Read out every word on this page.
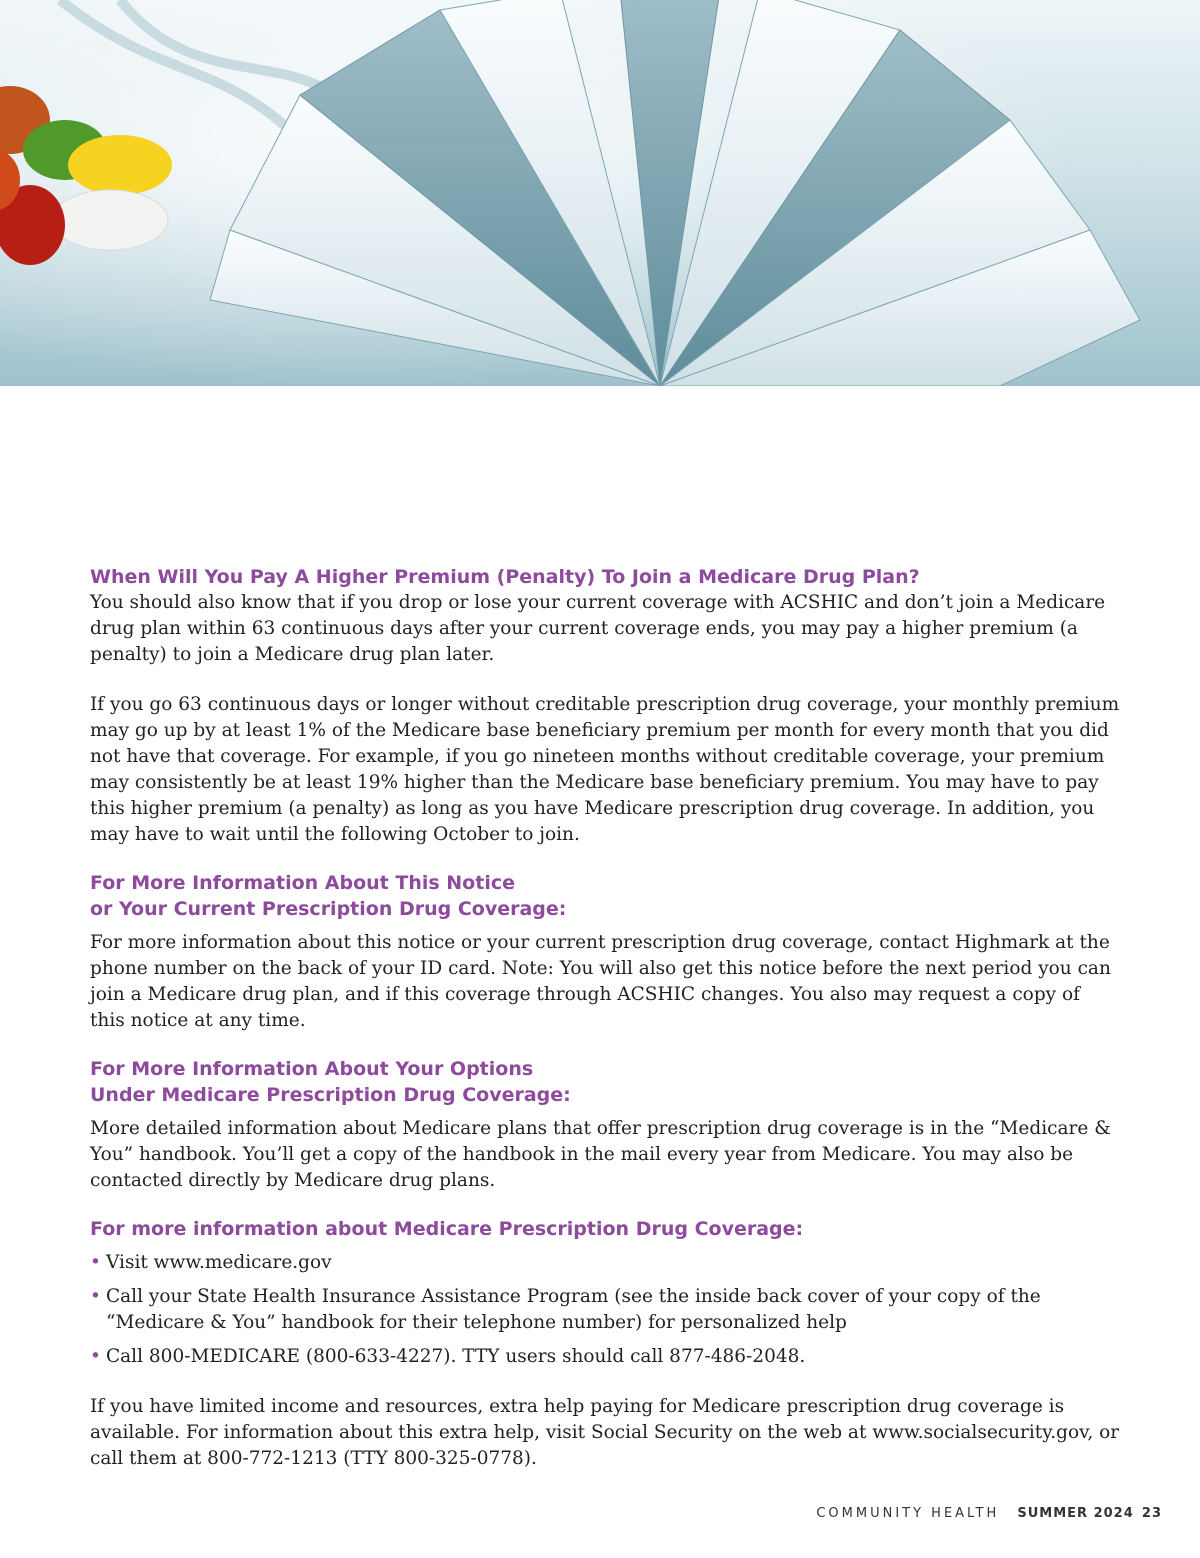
When Will You Pay A Higher Premium (Penalty) To Join a Medicare Drug Plan?

You should also know that if you drop or lose your current coverage with ACSHIC and don’t join a Medicare drug plan within 63 continuous days after your current coverage ends, you may pay a higher premium (a penalty) to join a Medicare drug plan later.

If you go 63 continuous days or longer without creditable prescription drug coverage, your monthly premium may go up by at least 1% of the Medicare base beneficiary premium per month for every month that you did not have that coverage. For example, if you go nineteen months without creditable coverage, your premium may consistently be at least 19% higher than the Medicare base beneficiary premium. You may have to pay this higher premium (a penalty) as long as you have Medicare prescription drug coverage. In addition, you may have to wait until the following October to join.

For More Information About This Notice
or Your Current Prescription Drug Coverage:

For more information about this notice or your current prescription drug coverage, contact Highmark at the phone number on the back of your ID card. Note: You will also get this notice before the next period you can join a Medicare drug plan, and if this coverage through ACSHIC changes. You also may request a copy of this notice at any time.

For More Information About Your Options
Under Medicare Prescription Drug Coverage:

More detailed information about Medicare plans that offer prescription drug coverage is in the “Medicare & You” handbook. You’ll get a copy of the handbook in the mail every year from Medicare. You may also be contacted directly by Medicare drug plans.

For more information about Medicare Prescription Drug Coverage:
• Visit www.medicare.gov
• Call your State Health Insurance Assistance Program (see the inside back cover of your copy of the “Medicare & You” handbook for their telephone number) for personalized help
• Call 800-MEDICARE (800-633-4227). TTY users should call 877-486-2048.

If you have limited income and resources, extra help paying for Medicare prescription drug coverage is available. For information about this extra help, visit Social Security on the web at www.socialsecurity.gov, or call them at 800-772-1213 (TTY 800-325-0778).

COMMUNITY HEALTH SUMMER 2024 23
